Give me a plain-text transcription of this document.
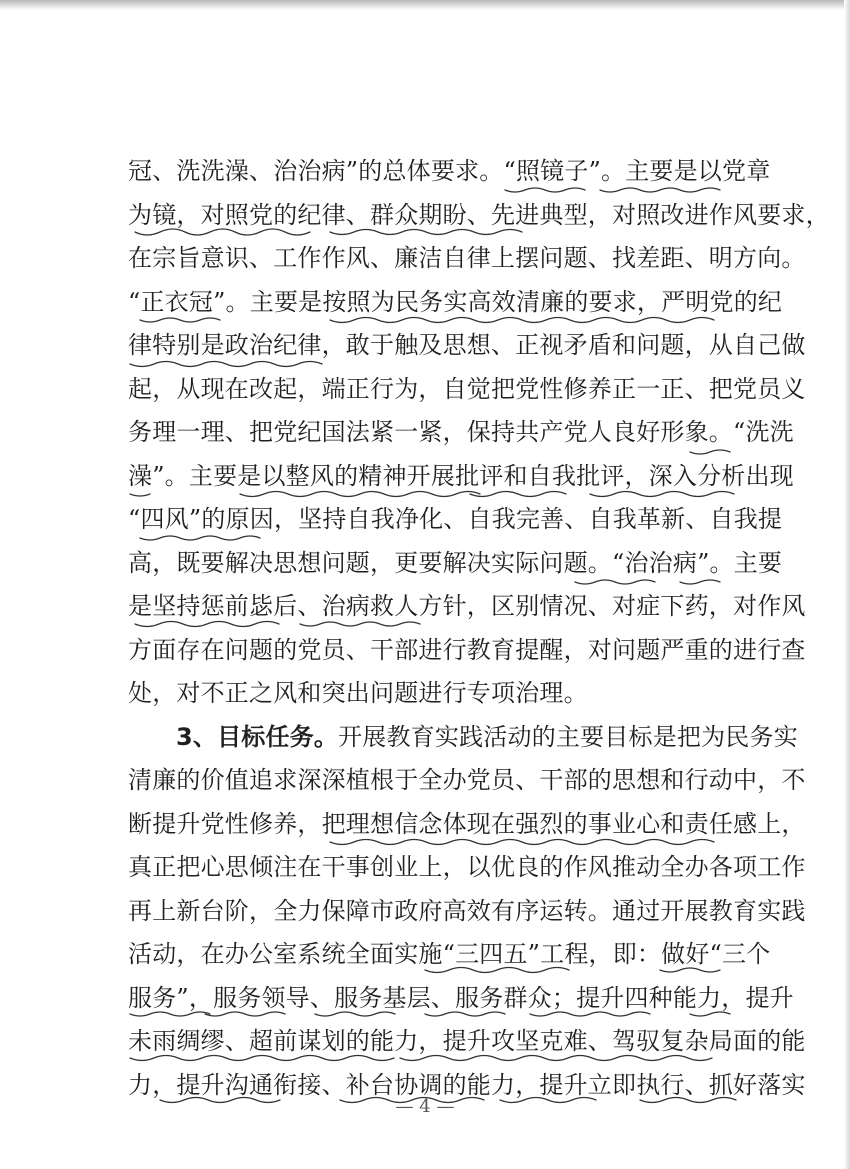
冠、洗洗澡、治治病”的总体要求。“照镜子”。主要是以党章
为镜，对照党的纪律、群众期盼、先进典型，对照改进作风要求，
在宗旨意识、工作作风、廉洁自律上摆问题、找差距、明方向。
“正衣冠”。主要是按照为民务实高效清廉的要求，严明党的纪
律特别是政治纪律，敢于触及思想、正视矛盾和问题，从自己做
起，从现在改起，端正行为，自觉把党性修养正一正、把党员义
务理一理、把党纪国法紧一紧，保持共产党人良好形象。“洗洗
澡”。主要是以整风的精神开展批评和自我批评，深入分析出现
“四风”的原因，坚持自我净化、自我完善、自我革新、自我提
高，既要解决思想问题，更要解决实际问题。“治治病”。主要
是坚持惩前毖后、治病救人方针，区别情况、对症下药，对作风
方面存在问题的党员、干部进行教育提醒，对问题严重的进行查
处，对不正之风和突出问题进行专项治理。
3、目标任务。开展教育实践活动的主要目标是把为民务实
清廉的价值追求深深植根于全办党员、干部的思想和行动中，不
断提升党性修养，把理想信念体现在强烈的事业心和责任感上，
真正把心思倾注在干事创业上，以优良的作风推动全办各项工作
再上新台阶，全力保障市政府高效有序运转。通过开展教育实践
活动，在办公室系统全面实施“三四五”工程，即：做好“三个
服务”，服务领导、服务基层、服务群众；提升四种能力，提升
未雨绸缪、超前谋划的能力，提升攻坚克难、驾驭复杂局面的能
力，提升沟通衔接、补台协调的能力，提升立即执行、抓好落实
— 4 —
